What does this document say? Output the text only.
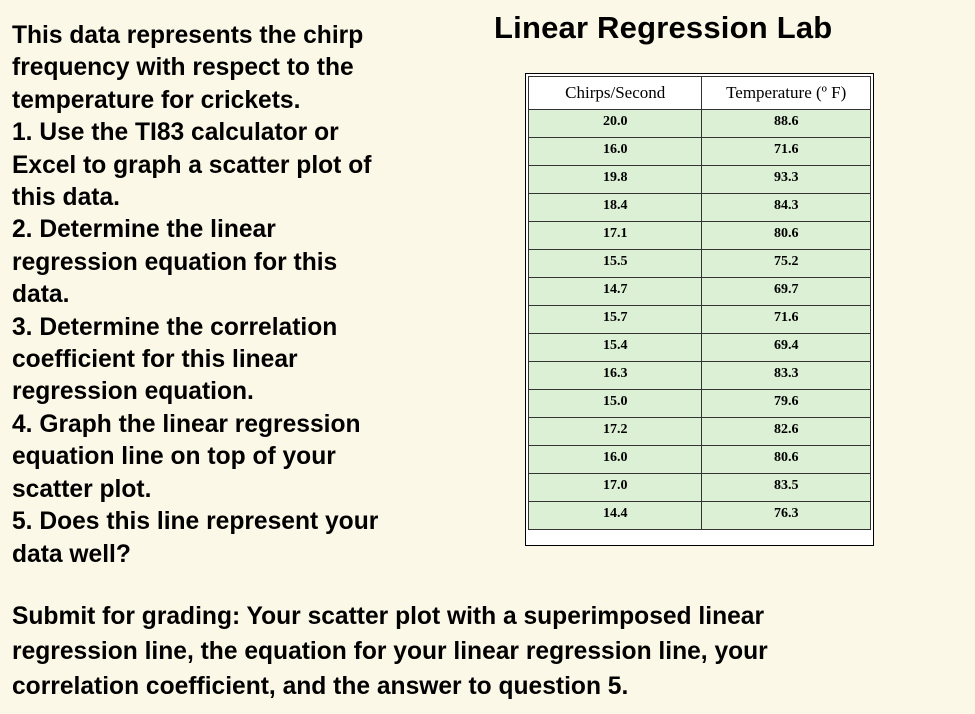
Linear Regression Lab
This data represents the chirp
frequency with respect to the
temperature for crickets.
1. Use the TI83 calculator or
Excel to graph a scatter plot of
this data.
2. Determine the linear
regression equation for this
data.
3. Determine the correlation
coefficient for this linear
regression equation.
4. Graph the linear regression
equation line on top of your
scatter plot.
5. Does this line represent your
data well?
Chirps/Second	Temperature (º F)
20.0	88.6
16.0	71.6
19.8	93.3
18.4	84.3
17.1	80.6
15.5	75.2
14.7	69.7
15.7	71.6
15.4	69.4
16.3	83.3
15.0	79.6
17.2	82.6
16.0	80.6
17.0	83.5
14.4	76.3
Submit for grading: Your scatter plot with a superimposed linear
regression line, the equation for your linear regression line, your
correlation coefficient, and the answer to question 5.
